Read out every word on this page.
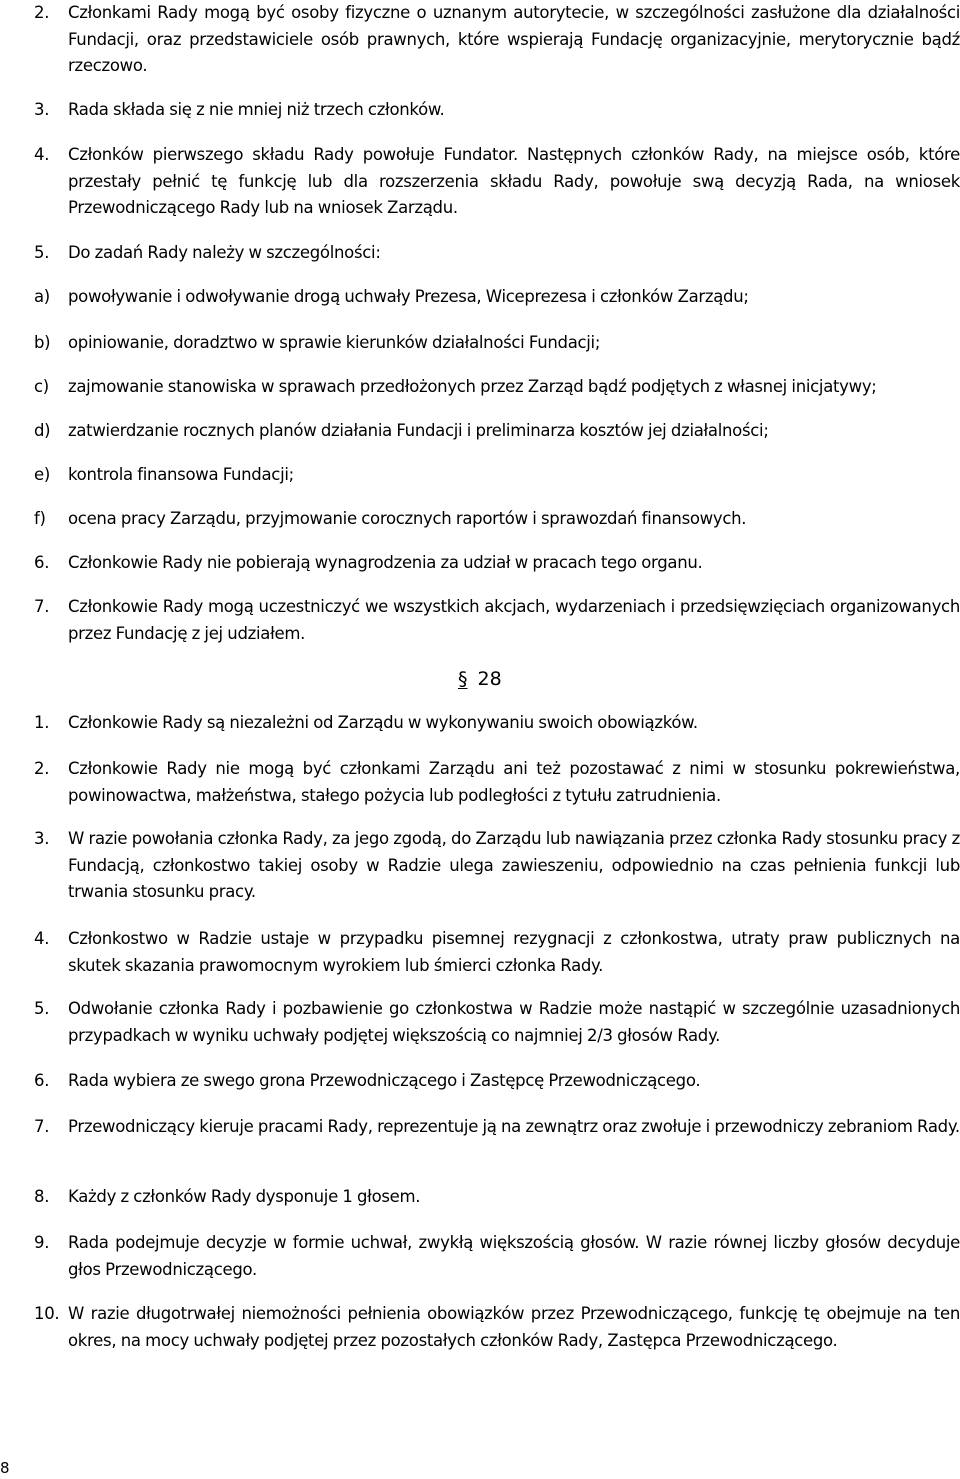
2. Członkami Rady mogą być osoby fizyczne o uznanym autorytecie, w szczególności zasłużone dla działalności Fundacji, oraz przedstawiciele osób prawnych, które wspierają Fundację organizacyjnie, merytorycznie bądź rzeczowo.
3. Rada składa się z nie mniej niż trzech członków.
4. Członków pierwszego składu Rady powołuje Fundator. Następnych członków Rady, na miejsce osób, które przestały pełnić tę funkcję lub dla rozszerzenia składu Rady, powołuje swą decyzją Rada, na wniosek Przewodniczącego Rady lub na wniosek Zarządu.
5. Do zadań Rady należy w szczególności:
a) powoływanie i odwoływanie drogą uchwały Prezesa, Wiceprezesa i członków Zarządu;
b) opiniowanie, doradztwo w sprawie kierunków działalności Fundacji;
c) zajmowanie stanowiska w sprawach przedłożonych przez Zarząd bądź podjętych z własnej inicjatywy;
d) zatwierdzanie rocznych planów działania Fundacji i preliminarza kosztów jej działalności;
e) kontrola finansowa Fundacji;
f) ocena pracy Zarządu, przyjmowanie corocznych raportów i sprawozdań finansowych.
6. Członkowie Rady nie pobierają wynagrodzenia za udział w pracach tego organu.
7. Członkowie Rady mogą uczestniczyć we wszystkich akcjach, wydarzeniach i przedsięwzięciach organizowanych przez Fundację z jej udziałem.
§ 28
1. Członkowie Rady są niezależni od Zarządu w wykonywaniu swoich obowiązków.
2. Członkowie Rady nie mogą być członkami Zarządu ani też pozostawać z nimi w stosunku pokrewieństwa, powinowactwa, małżeństwa, stałego pożycia lub podległości z tytułu zatrudnienia.
3. W razie powołania członka Rady, za jego zgodą, do Zarządu lub nawiązania przez członka Rady stosunku pracy z Fundacją, członkostwo takiej osoby w Radzie ulega zawieszeniu, odpowiednio na czas pełnienia funkcji lub trwania stosunku pracy.
4. Członkostwo w Radzie ustaje w przypadku pisemnej rezygnacji z członkostwa, utraty praw publicznych na skutek skazania prawomocnym wyrokiem lub śmierci członka Rady.
5. Odwołanie członka Rady i pozbawienie go członkostwa w Radzie może nastąpić w szczególnie uzasadnionych przypadkach w wyniku uchwały podjętej większością co najmniej 2/3 głosów Rady.
6. Rada wybiera ze swego grona Przewodniczącego i Zastępcę Przewodniczącego.
7. Przewodniczący kieruje pracami Rady, reprezentuje ją na zewnątrz oraz zwołuje i przewodniczy zebraniom Rady.
8. Każdy z członków Rady dysponuje 1 głosem.
9. Rada podejmuje decyzje w formie uchwał, zwykłą większością głosów. W razie równej liczby głosów decyduje głos Przewodniczącego.
10. W razie długotrwałej niemożności pełnienia obowiązków przez Przewodniczącego, funkcję tę obejmuje na ten okres, na mocy uchwały podjętej przez pozostałych członków Rady, Zastępca Przewodniczącego.
8
